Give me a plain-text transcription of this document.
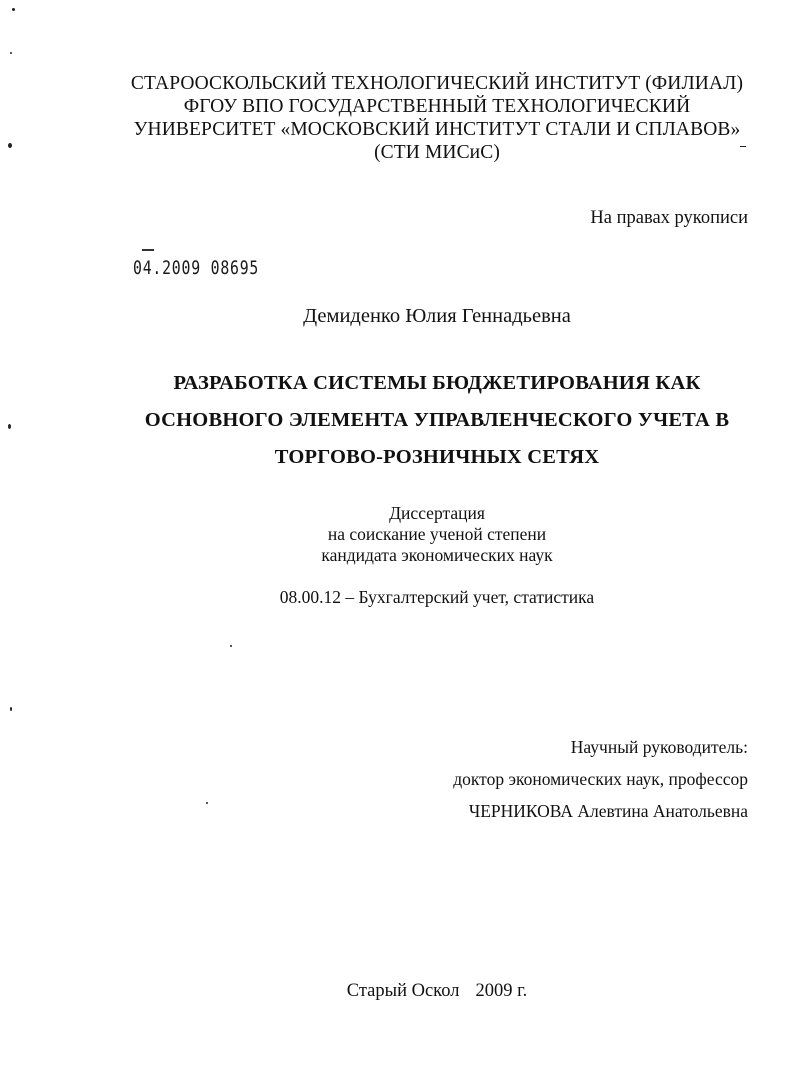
СТАРООСКОЛЬСКИЙ ТЕХНОЛОГИЧЕСКИЙ ИНСТИТУТ (ФИЛИАЛ)
ФГОУ ВПО ГОСУДАРСТВЕННЫЙ ТЕХНОЛОГИЧЕСКИЙ
УНИВЕРСИТЕТ «МОСКОВСКИЙ ИНСТИТУТ СТАЛИ И СПЛАВОВ»
(СТИ МИСиС)
На правах рукописи
04.2009 08695
Демиденко Юлия Геннадьевна
РАЗРАБОТКА СИСТЕМЫ БЮДЖЕТИРОВАНИЯ КАК
ОСНОВНОГО ЭЛЕМЕНТА УПРАВЛЕНЧЕСКОГО УЧЕТА В
ТОРГОВО-РОЗНИЧНЫХ СЕТЯХ
Диссертация
на соискание ученой степени
кандидата экономических наук
08.00.12 – Бухгалтерский учет, статистика
Научный руководитель:
доктор экономических наук, профессор
ЧЕРНИКОВА Алевтина Анатольевна
Старый Оскол 2009 г.
